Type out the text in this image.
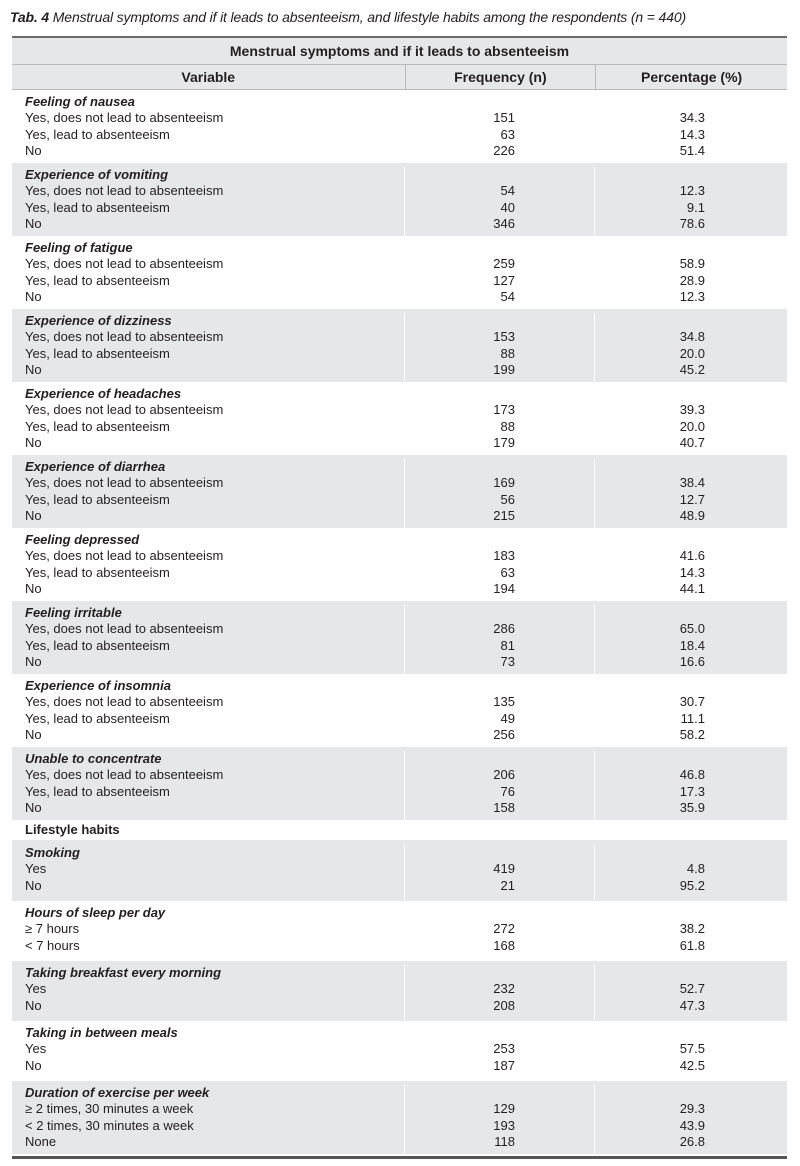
Tab. 4 Menstrual symptoms and if it leads to absenteeism, and lifestyle habits among the respondents (n = 440)
Menstrual symptoms and if it leads to absenteeism
Variable	Frequency (n)	Percentage (%)
Feeling of nausea
Yes, does not lead to absenteeism
Yes, lead to absenteeism
No

151
63
226

34.3
14.3
51.4
Experience of vomiting
Yes, does not lead to absenteeism
Yes, lead to absenteeism
No

54
40
346

12.3
9.1
78.6
Feeling of fatigue
Yes, does not lead to absenteeism
Yes, lead to absenteeism
No

259
127
54

58.9
28.9
12.3
Experience of dizziness
Yes, does not lead to absenteeism
Yes, lead to absenteeism
No

153
88
199

34.8
20.0
45.2
Experience of headaches
Yes, does not lead to absenteeism
Yes, lead to absenteeism
No

173
88
179

39.3
20.0
40.7
Experience of diarrhea
Yes, does not lead to absenteeism
Yes, lead to absenteeism
No

169
56
215

38.4
12.7
48.9
Feeling depressed
Yes, does not lead to absenteeism
Yes, lead to absenteeism
No

183
63
194

41.6
14.3
44.1
Feeling irritable
Yes, does not lead to absenteeism
Yes, lead to absenteeism
No

286
81
73

65.0
18.4
16.6
Experience of insomnia
Yes, does not lead to absenteeism
Yes, lead to absenteeism
No

135
49
256

30.7
11.1
58.2
Unable to concentrate
Yes, does not lead to absenteeism
Yes, lead to absenteeism
No

206
76
158

46.8
17.3
35.9
Lifestyle habits
Smoking
Yes
No

419
21

4.8
95.2
Hours of sleep per day
≥ 7 hours
< 7 hours

272
168

38.2
61.8
Taking breakfast every morning
Yes
No

232
208

52.7
47.3
Taking in between meals
Yes
No

253
187

57.5
42.5
Duration of exercise per week
≥ 2 times, 30 minutes a week
< 2 times, 30 minutes a week
None

129
193
118

29.3
43.9
26.8
